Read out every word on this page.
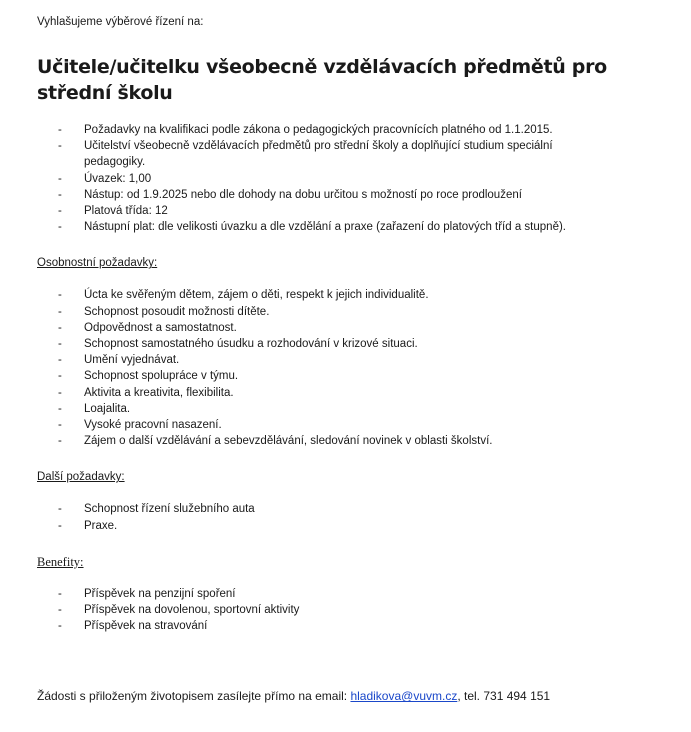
Vyhlašujeme výběrové řízení na:

Učitele/učitelku všeobecně vzdělávacích předmětů pro střední školu
- Požadavky na kvalifikaci podle zákona o pedagogických pracovnících platného od 1.1.2015.
- Učitelství všeobecně vzdělávacích předmětů pro střední školy a doplňující studium speciální pedagogiky.
- Úvazek: 1,00
- Nástup: od 1.9.2025 nebo dle dohody na dobu určitou s možností po roce prodloužení
- Platová třída: 12
- Nástupní plat: dle velikosti úvazku a dle vzdělání a praxe (zařazení do platových tříd a stupně).

Osobnostní požadavky:

- Úcta ke svěřeným dětem, zájem o děti, respekt k jejich individualitě.
- Schopnost posoudit možnosti dítěte.
- Odpovědnost a samostatnost.
- Schopnost samostatného úsudku a rozhodování v krizové situaci.
- Umění vyjednávat.
- Schopnost spolupráce v týmu.
- Aktivita a kreativita, flexibilita.
- Loajalita.
- Vysoké pracovní nasazení.
- Zájem o další vzdělávání a sebevzdělávání, sledování novinek v oblasti školství.

Další požadavky:

- Schopnost řízení služebního auta
- Praxe.

Benefity:

- Příspěvek na penzijní spoření
- Příspěvek na dovolenou, sportovní aktivity
- Příspěvek na stravování

Žádosti s přiloženým životopisem zasílejte přímo na email: hladikova@vuvm.cz, tel. 731 494 151
